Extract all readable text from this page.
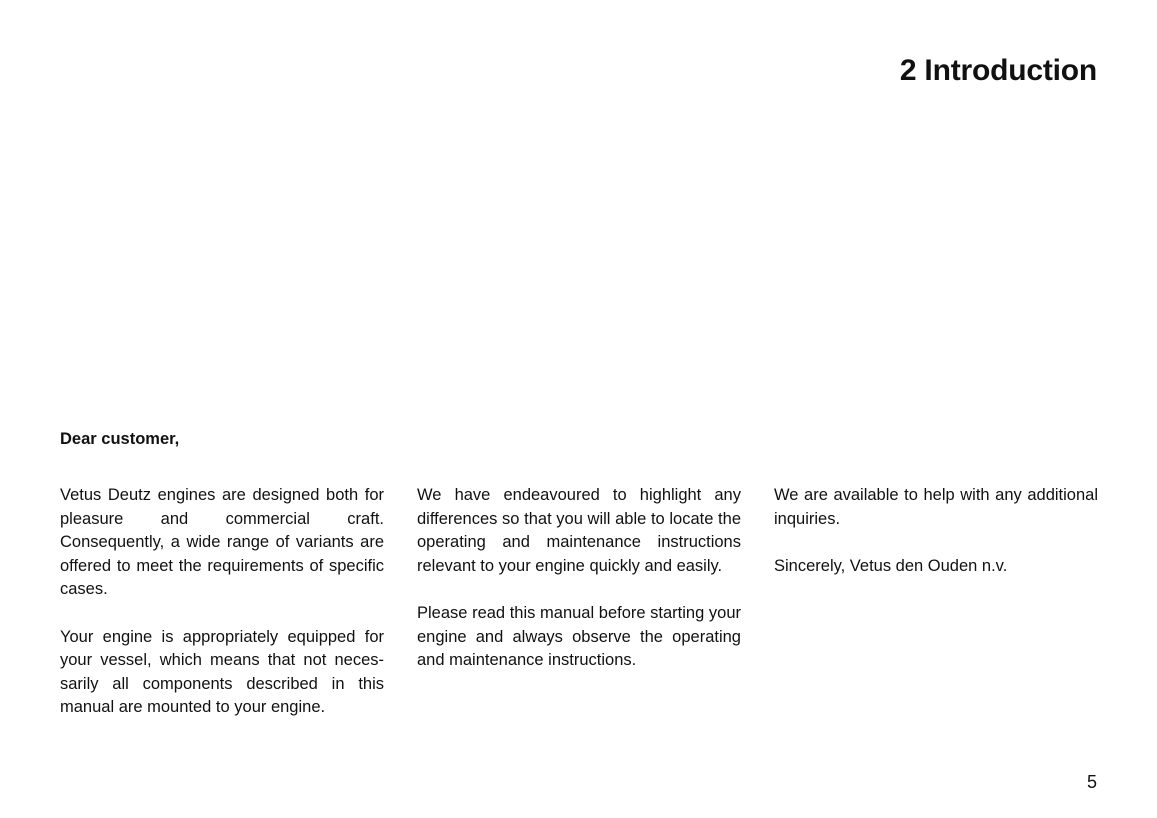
2 Introduction

Dear customer,

Vetus Deutz engines are designed both for pleasure and commercial craft. Consequently, a wide range of variants are offered to meet the requirements of specific cases.

Your engine is appropriately equipped for your vessel, which means that not necessarily all components described in this manual are mounted to your engine.

We have endeavoured to highlight any differences so that you will able to locate the operating and maintenance instructions relevant to your engine quickly and easily.

Please read this manual before starting your engine and always observe the operating and maintenance instructions.

We are available to help with any additional inquiries.

Sincerely, Vetus den Ouden n.v.

5
